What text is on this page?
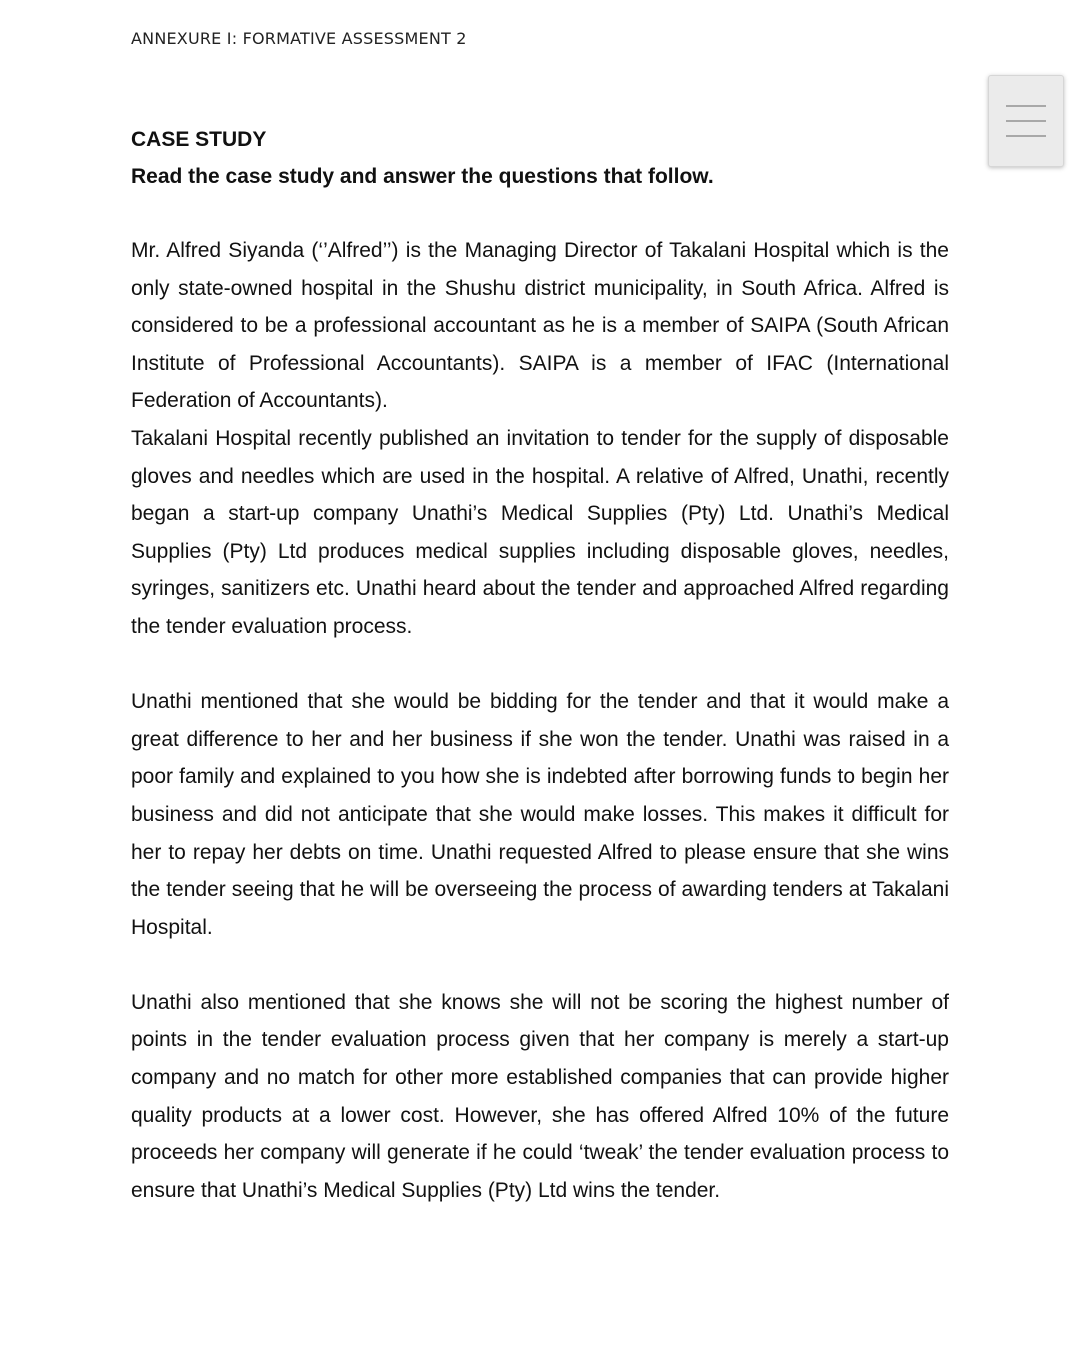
ANNEXURE I: FORMATIVE ASSESSMENT 2

CASE STUDY

Read the case study and answer the questions that follow.

Mr. Alfred Siyanda (‘’Alfred’’) is the Managing Director of Takalani Hospital which is the only state-owned hospital in the Shushu district municipality, in South Africa. Alfred is considered to be a professional accountant as he is a member of SAIPA (South African Institute of Professional Accountants). SAIPA is a member of IFAC (International Federation of Accountants).

Takalani Hospital recently published an invitation to tender for the supply of disposable gloves and needles which are used in the hospital. A relative of Alfred, Unathi, recently began a start-up company Unathi’s Medical Supplies (Pty) Ltd. Unathi’s Medical Supplies (Pty) Ltd produces medical supplies including disposable gloves, needles, syringes, sanitizers etc. Unathi heard about the tender and approached Alfred regarding the tender evaluation process.

Unathi mentioned that she would be bidding for the tender and that it would make a great difference to her and her business if she won the tender. Unathi was raised in a poor family and explained to you how she is indebted after borrowing funds to begin her business and did not anticipate that she would make losses. This makes it difficult for her to repay her debts on time. Unathi requested Alfred to please ensure that she wins the tender seeing that he will be overseeing the process of awarding tenders at Takalani Hospital.

Unathi also mentioned that she knows she will not be scoring the highest number of points in the tender evaluation process given that her company is merely a start-up company and no match for other more established companies that can provide higher quality products at a lower cost. However, she has offered Alfred 10% of the future proceeds her company will generate if he could ‘tweak’ the tender evaluation process to ensure that Unathi’s Medical Supplies (Pty) Ltd wins the tender.
